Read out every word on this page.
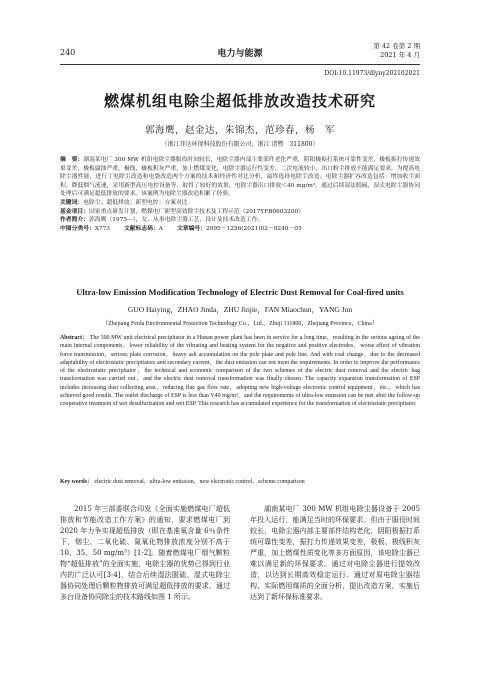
240	电力与能源
第 42 卷第 2 期
2021 年 4 月
DOI:10.11973/dlyny202102021
燃煤机组电除尘超低排放改造技术研究
郭海鹰，赵金达，朱锦杰，范珍春，杨　军
（浙江菲达环保科技股份有限公司，浙江 诸暨　311800）

摘　要：湖南某电厂 300 MW 机组电除尘器服役时间较长，电除尘器内部主要部件老化严重，阴阳极振打系统可靠性变差，极板振打传递效果变差，极板腐蚀严重，极线、极板积灰严重，加上燃煤变化，电除尘器运行性变差，二次电流较小，出口粉尘排放不能满足要求。为提高电除尘器性能，进行了电除尘改造和电袋改造两个方案的技术和经济性对比分析，最终选择电除尘改造。电除尘器扩容改造包括：增加收尘面积，降低烟气流速，采用新型高压电控设备等，取得了较好的效果，电除尘器出口排放＜40 mg/m³，通过后续湿法脱硫，湿式电除尘器协同处理后可满足超低排放的要求。该案例为电除尘器改造积累了经验。

关键词：电除尘；超低排放；新型电控；方案对比

基金项目：国家重点研发计划，燃煤电厂新型高效除尘技术及工程示范（2017YFB0603200）

作者简介：郭海鹰（1975—），女，从事电除尘器工艺、设计及技术改造工作。

中图分类号：X773 文献标志码：A 文章编号：2095－1256(2021)02－0240－05

Ultra-low Emission Modification Technology of Electric Dust Removal for Coal-fired units
GUO Haiying，ZHAO Jinda，ZHU Jinjie，FAN Miaochun，YANG Jun
（Zhejiang Feida Environmental Protection Technology Co.，Ltd.，Zhuji 311800，Zhejiang Province，China）

Abstract： The 300 MW unit electrical precipitator in a Hunan power plant has been in service for a long time，resulting in the serious ageing of the main internal components，lower reliability of the vibrating and beating system for the negative and positive electrodes，worse effect of vibration force transmission，serious plate corrosion，heavy ash accumulation on the pole plate and pole line. And with coal change，due to the decreased adaptability of electrostatic precipitators and secondary current，the dust emission can not meet the requirements. In order to improve the performance of the electrostatic precipitator，the technical and economic comparison of the two schemes of the electric dust removal and the electric bag transformation was carried out，and the electric dust removal transformation was finally chosen. The capacity expansion transformation of ESP includes increasing dust collecting area，reducing flue gas flow rate，adopting new high-voltage electronic control equipment，etc.，which has achieved good results. The outlet discharge of ESP is less than V40 mg/m³，and the requirements of ultra-low emission can be met after the follow-up cooperative treatment of wet desulfurization and wet ESP. This research has accumulated experience for the transformation of electrostatic precipitator.

Key words： electric dust removal，ultra-low emission，new electronic control，scheme comparison

2015 年三部委联合印发《全面实施燃煤电厂超低排放和节能改造工作方案》的通知，要求燃煤电厂到 2020 年力争实现超低排放（即在基准氧含量 6％条件下，烟尘、二氧化硫、氮氧化物排放浓度分别不高于 10、35、50 mg/m³）[1-2]。随着燃煤电厂烟气颗粒物“超低排放”的全面实施，电除尘器的优势已得到行业内的广泛认可[3-4]，结合后续湿法脱硫、湿式电除尘器协同处理后颗粒物排放可满足超低排放的要求，通过多台设备协同除尘的技术路线如图 1 所示。

湖南某电厂 300 MW 机组电除尘器设备于 2005 年投入运行，能满足当时的环保要求。但由于服役时间较长，电除尘器内部主要部件结构老化，阴阳极振打系统可靠性变差，振打力传递效果变差，极板、极线积灰严重，加上燃煤性质变化等多方面原因，该电除尘器已难以满足新的环保要求。通过对电除尘器进行提效改造，以达到长期高效稳定运行。通过对原电除尘器结构、实际燃用煤质的全面分析，提出改造方案，实施后达到了新环保标准要求。
